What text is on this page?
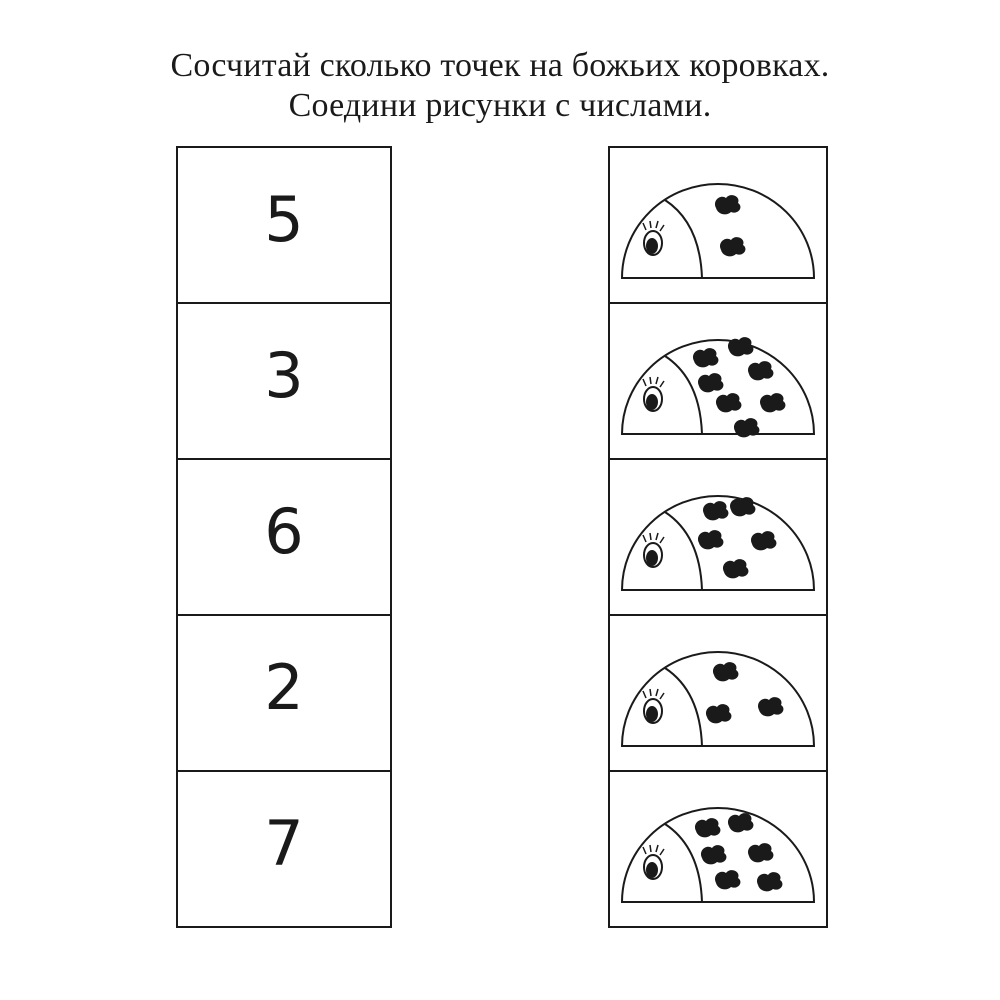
Сосчитай сколько точек на божьих коровках.
Соедини рисунки с числами.
5
3
6
2
7
